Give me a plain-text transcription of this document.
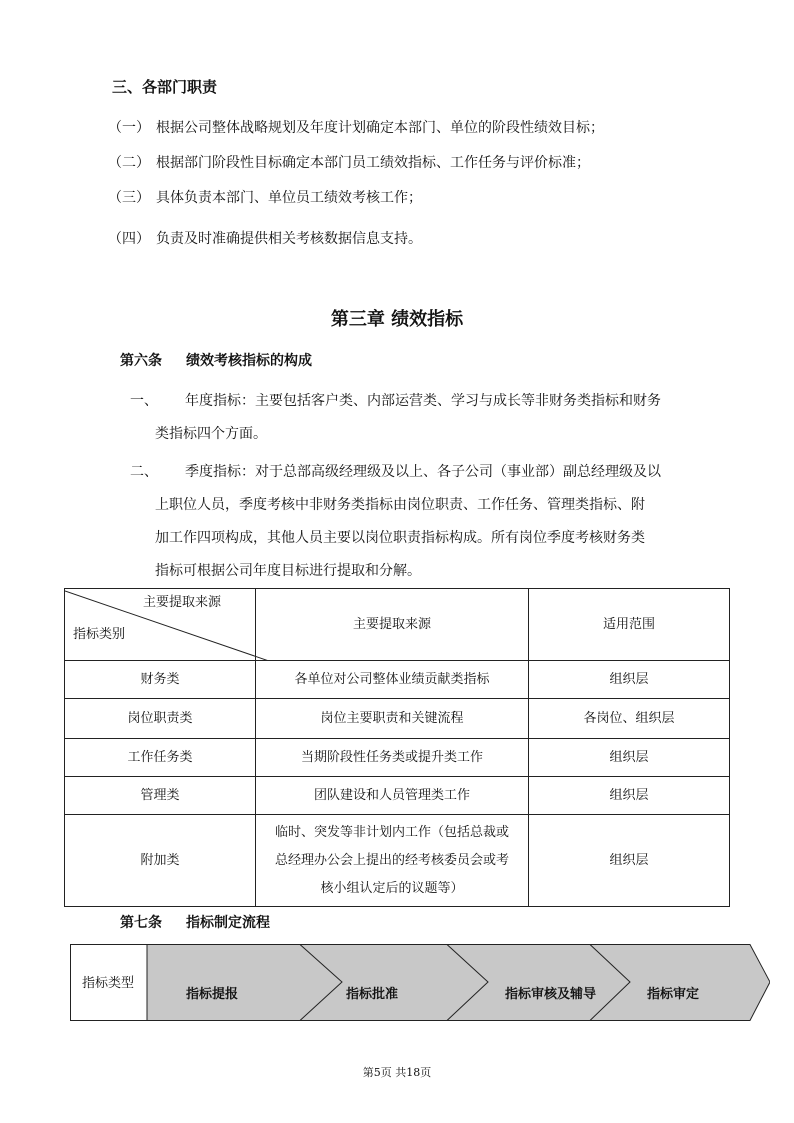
三、各部门职责
（一） 根据公司整体战略规划及年度计划确定本部门、单位的阶段性绩效目标；
（二） 根据部门阶段性目标确定本部门员工绩效指标、工作任务与评价标准；
（三） 具体负责本部门、单位员工绩效考核工作；
（四） 负责及时准确提供相关考核数据信息支持。
第三章 绩效指标
第六条 绩效考核指标的构成
一、 年度指标：主要包括客户类、内部运营类、学习与成长等非财务类指标和财务
类指标四个方面。
二、 季度指标：对于总部高级经理级及以上、各子公司（事业部）副总经理级及以
上职位人员，季度考核中非财务类指标由岗位职责、工作任务、管理类指标、附
加工作四项构成，其他人员主要以岗位职责指标构成。所有岗位季度考核财务类
指标可根据公司年度目标进行提取和分解。
主要提取来源
指标类别	主要提取来源	适用范围
财务类	各单位对公司整体业绩贡献类指标	组织层
岗位职责类	岗位主要职责和关键流程	各岗位、组织层
工作任务类	当期阶段性任务类或提升类工作	组织层
管理类	团队建设和人员管理类工作	组织层
附加类	临时、突发等非计划内工作（包括总裁或
总经理办公会上提出的经考核委员会或考
核小组认定后的议题等）	组织层
第七条 指标制定流程
指标类型
指标提报	指标批准	指标审核及辅导	指标审定
第5页 共18页
